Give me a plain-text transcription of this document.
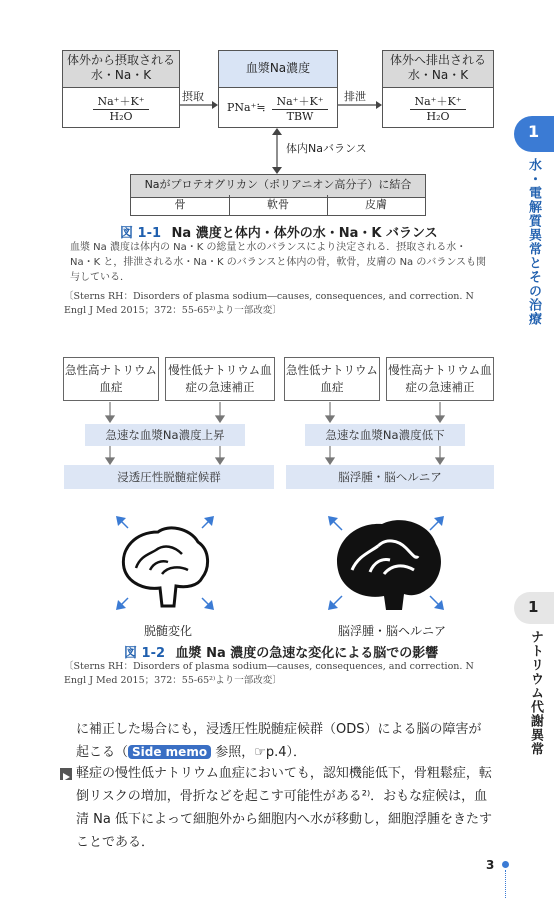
体外から摂取される
水・Na・K
Na⁺＋K⁺
H₂O
摂取
血漿Na濃度
PNa⁺≒ Na⁺＋K⁺
TBW
排泄
体外へ排出される
水・Na・K
Na⁺＋K⁺
H₂O
体内Naバランス
Naがプロテオグリカン（ポリアニオン高分子）に結合
骨	軟骨	皮膚
図 1-1 Na 濃度と体内・体外の水・Na・K バランス
血漿 Na 濃度は体内の Na・K の総量と水のバランスにより決定される．摂取される水・Na・K と，排泄される水・Na・K のバランスと体内の骨，軟骨，皮膚の Na のバランスも関与している．
〔Sterns RH：Disorders of plasma sodium―causes, consequences, and correction. N Engl J Med 2015；372：55-65²⁾より一部改変〕
急性高ナトリウム血症
慢性低ナトリウム血症の急速補正
急性低ナトリウム血症
慢性高ナトリウム血症の急速補正
急速な血漿Na濃度上昇	急速な血漿Na濃度低下
浸透圧性脱髄症候群	脳浮腫・脳ヘルニア
脱髄変化	脳浮腫・脳ヘルニア
図 1-2 血漿 Na 濃度の急速な変化による脳での影響
〔Sterns RH：Disorders of plasma sodium―causes, consequences, and correction. N Engl J Med 2015；372：55-65²⁾より一部改変〕
に補正した場合にも，浸透圧性脱髄症候群（ODS）による脳の障害が
起こる（ Side memo 参照，☞p.4）．
軽症の慢性低ナトリウム血症においても，認知機能低下，骨粗鬆症，転倒リスクの増加，骨折などを起こす可能性がある²⁾．おもな症候は，血清 Na 低下によって細胞外から細胞内へ水が移動し，細胞浮腫をきたすことである．
1
水・電解質異常とその治療
1
ナトリウム代謝異常
3
